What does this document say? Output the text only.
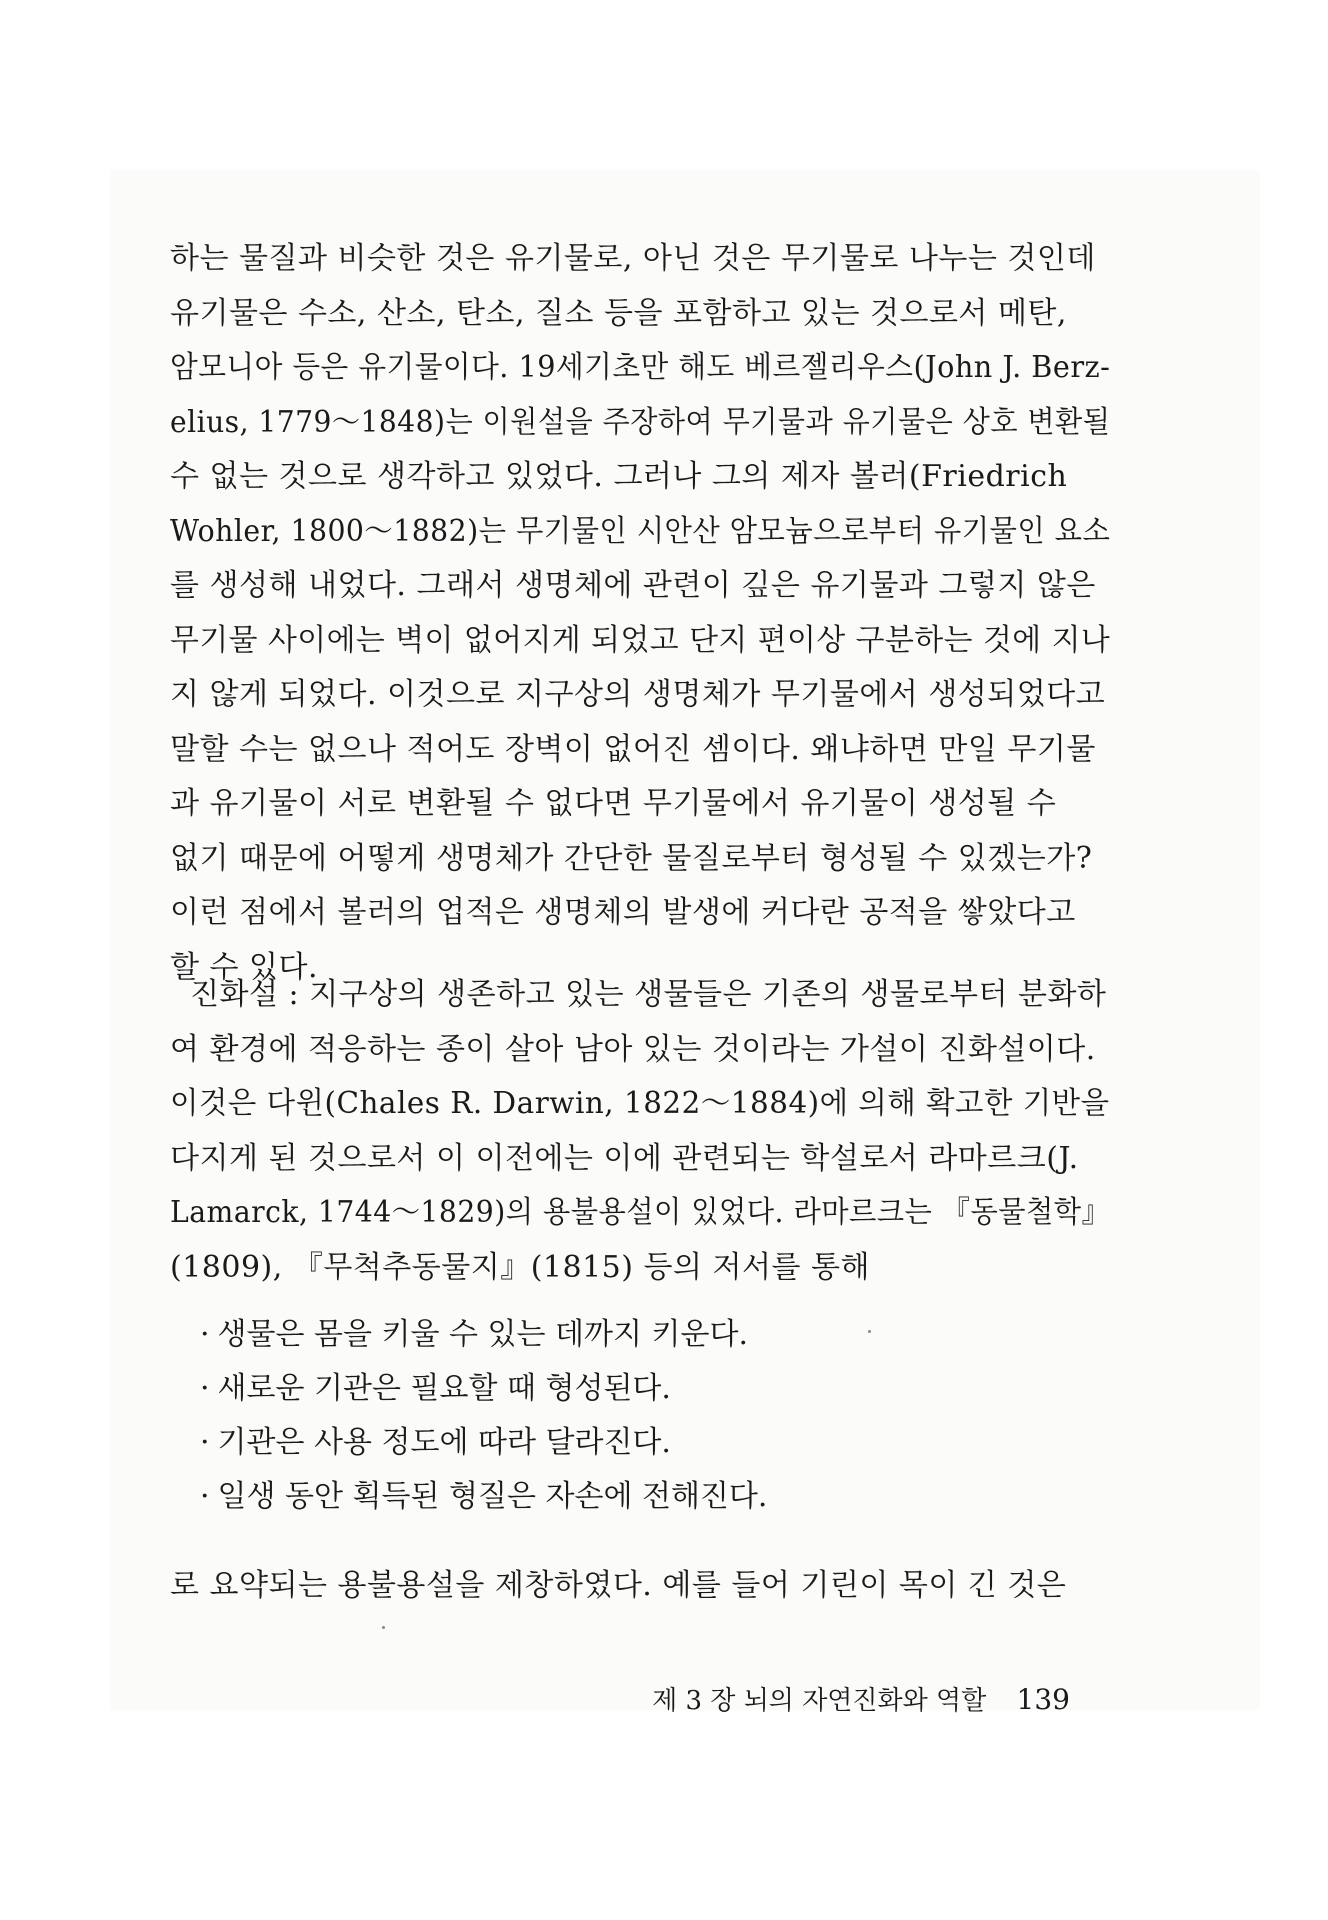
하는 물질과 비슷한 것은 유기물로, 아닌 것은 무기물로 나누는 것인데
유기물은 수소, 산소, 탄소, 질소 등을 포함하고 있는 것으로서 메탄,
암모니아 등은 유기물이다. 19세기초만 해도 베르젤리우스(John J. Berz- elius, 1779～1848)는 이원설을 주장하여 무기물과 유기물은 상호 변환될
수 없는 것으로 생각하고 있었다. 그러나 그의 제자 볼러(Friedrich
Wohler, 1800～1882)는 무기물인 시안산 암모늄으로부터 유기물인 요소
를 생성해 내었다. 그래서 생명체에 관련이 깊은 유기물과 그렇지 않은
무기물 사이에는 벽이 없어지게 되었고 단지 편이상 구분하는 것에 지나
지 않게 되었다. 이것으로 지구상의 생명체가 무기물에서 생성되었다고
말할 수는 없으나 적어도 장벽이 없어진 셈이다. 왜냐하면 만일 무기물
과 유기물이 서로 변환될 수 없다면 무기물에서 유기물이 생성될 수
없기 때문에 어떻게 생명체가 간단한 물질로부터 형성될 수 있겠는가?
이런 점에서 볼러의 업적은 생명체의 발생에 커다란 공적을 쌓았다고
할 수 있다.
진화설 : 지구상의 생존하고 있는 생물들은 기존의 생물로부터 분화하
여 환경에 적응하는 종이 살아 남아 있는 것이라는 가설이 진화설이다.
이것은 다윈(Chales R. Darwin, 1822～1884)에 의해 확고한 기반을
다지게 된 것으로서 이 이전에는 이에 관련되는 학설로서 라마르크(J.
Lamarck, 1744～1829)의 용불용설이 있었다. 라마르크는 『동물철학』
(1809), 『무척추동물지』(1815) 등의 저서를 통해
· 생물은 몸을 키울 수 있는 데까지 키운다.
· 새로운 기관은 필요할 때 형성된다.
· 기관은 사용 정도에 따라 달라진다.
· 일생 동안 획득된 형질은 자손에 전해진다.
로 요약되는 용불용설을 제창하였다. 예를 들어 기린이 목이 긴 것은
제 3 장 뇌의 자연진화와 역할 139
